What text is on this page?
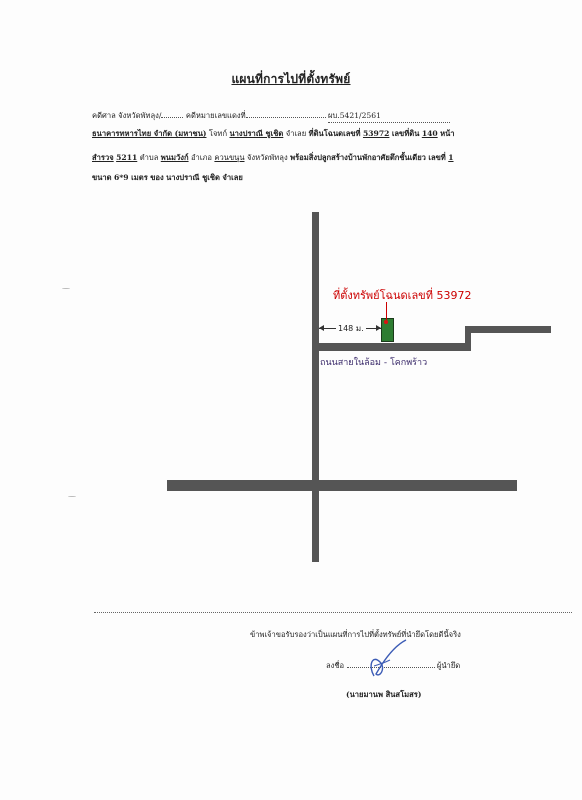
แผนที่การไปที่ตั้งทรัพย์
คดีศาล จังหวัดพัทลุง/	คดีหมายเลขแดงที่	ผบ.5421/2561
ธนาคารทหารไทย จำกัด (มหาชน) โจทก์ นางปราณี ชูเชิด จำเลย ที่ดินโฉนดเลขที่ 53972 เลขที่ดิน 140 หน้า
สำรวจ 5211 ตำบล พนมวังก์ อำเภอ ควนขนุน จังหวัดพัทลุง พร้อมสิ่งปลูกสร้างบ้านพักอาศัยตึกชั้นเดียว เลขที่ 1
ขนาด 6*9 เมตร ของ นางปราณี ชูเชิด จำเลย
ที่ตั้งทรัพย์โฉนดเลขที่ 53972
148 ม.
ถนนสายในล้อม - โคกพร้าว
ข้าพเจ้าขอรับรองว่าเป็นแผนที่การไปที่ตั้งทรัพย์ที่นำยึดโดยดีนี้จริง
ลงชื่อ	ผู้นำยึด
(นายมานพ สินสโมสร)
